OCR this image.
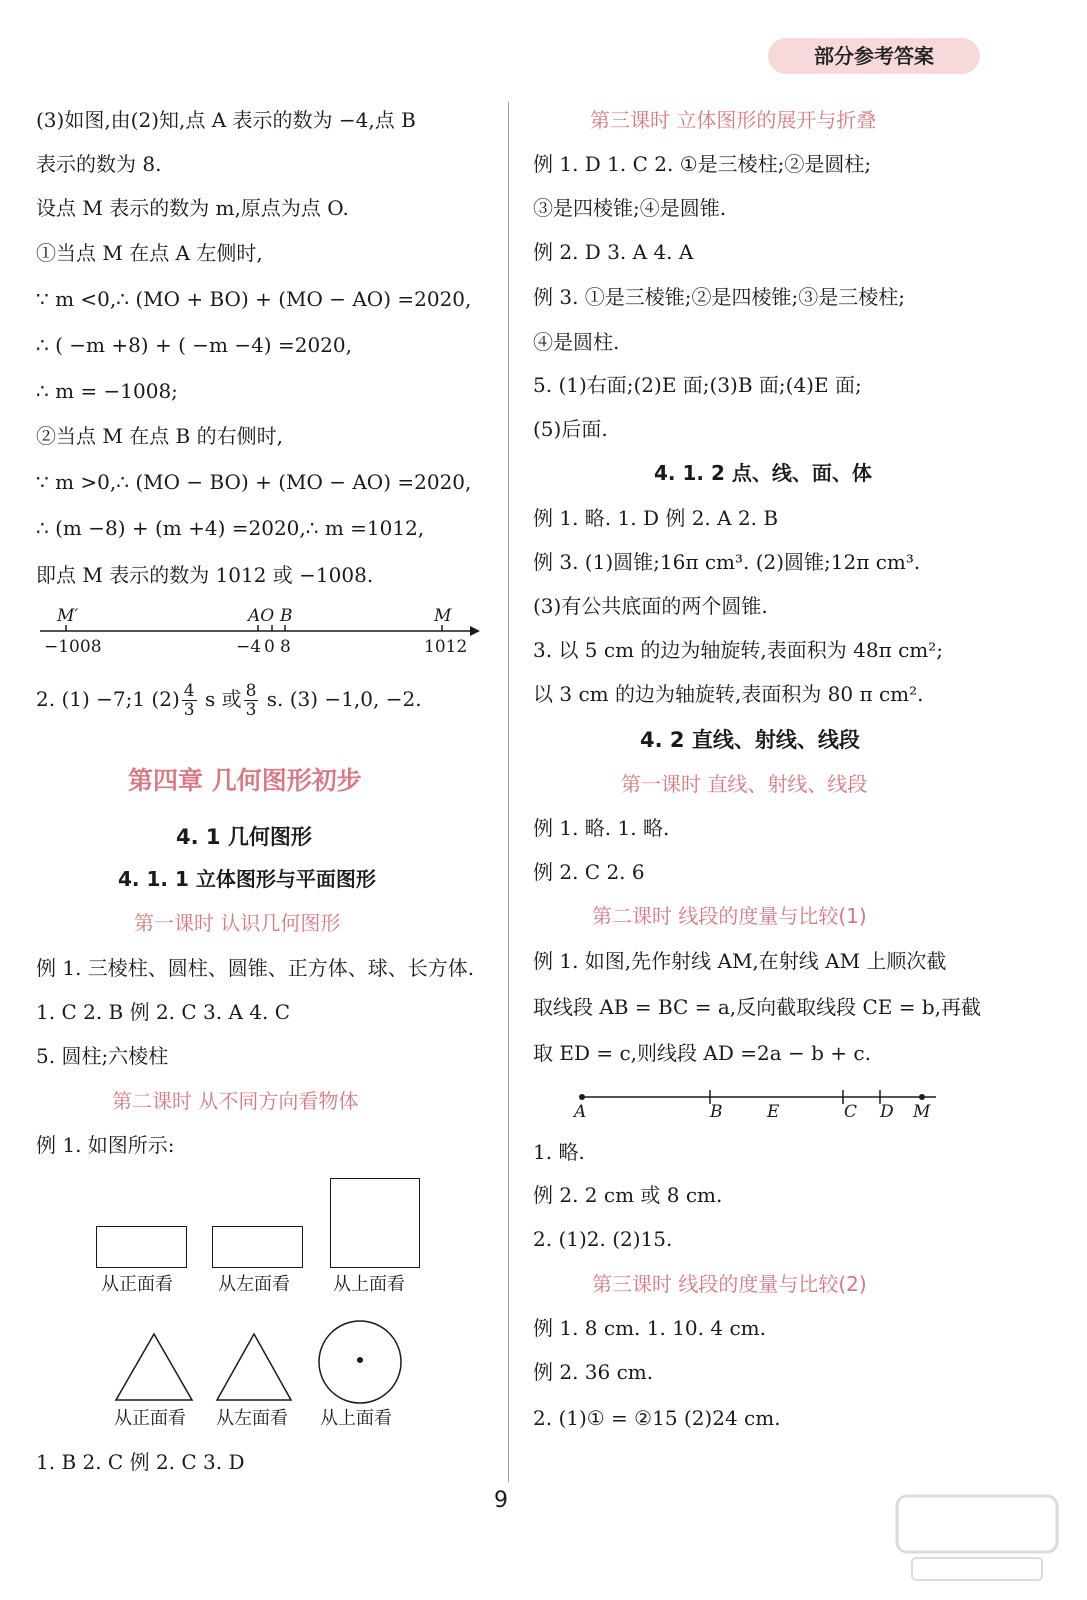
部分参考答案
(3)如图,由(2)知,点 A 表示的数为 −4,点 B
表示的数为 8.
设点 M 表示的数为 m,原点为点 O.
①当点 M 在点 A 左侧时,
∵ m <0,∴ (MO + BO) + (MO − AO) =2020,
∴ ( −m +8) + ( −m −4) =2020,
∴ m = −1008;
②当点 M 在点 B 的右侧时,
∵ m >0,∴ (MO − BO) + (MO − AO) =2020,
∴ (m −8) + (m +4) =2020,∴ m =1012,
即点 M 表示的数为 1012 或 −1008.
M′	AO B	M
−1008	−4 0 8	1012
2. (1) −7;1 $(2) \frac{4}{3}$ s 或 $\frac{8}{3} s$. (3) −1,0, −2.
第四章 几何图形初步
4. 1 几何图形
4. 1. 1 立体图形与平面图形
第一课时 认识几何图形
例 1. 三棱柱、圆柱、圆锥、正方体、球、长方体.
1. C 2. B 例 2. C 3. A 4. C
5. 圆柱;六棱柱
第二课时 从不同方向看物体
例 1. 如图所示:
从正面看	从左面看 从上面看
从正面看 从左面看 从上面看
1. B 2. C 例 2. C 3. D
第三课时 立体图形的展开与折叠
例 1. D 1. C 2. ①是三棱柱;②是圆柱;
③是四棱锥;④是圆锥.
例 2. D 3. A 4. A
例 3. ①是三棱锥;②是四棱锥;③是三棱柱;
④是圆柱.
5. (1)右面;(2)E 面;(3)B 面;(4)E 面;
(5)后面.
4. 1. 2 点、线、面、体
例 1. 略. 1. D 例 2. A 2. B
例 3. (1)圆锥;16π cm³. (2)圆锥;12π cm³.
(3)有公共底面的两个圆锥.
3. 以 5 cm 的边为轴旋转,表面积为 48π cm²;
以 3 cm 的边为轴旋转,表面积为 80 π cm².
4. 2 直线、射线、线段
第一课时 直线、射线、线段
例 1. 略. 1. 略.
例 2. C 2. 6
第二课时 线段的度量与比较(1)
例 1. 如图,先作射线 AM,在射线 AM 上顺次截
取线段 AB = BC = a,反向截取线段 CE = b,再截
取 ED = c,则线段 AD =2a − b + c.
A	B	E	C D M
1. 略.
例 2. 2 cm 或 8 cm.
2. (1)2. (2)15.
第三课时 线段的度量与比较(2)
例 1. 8 cm. 1. 10. 4 cm.
例 2. 36 cm.
2. (1)① = ②15 (2)24 cm.
9
